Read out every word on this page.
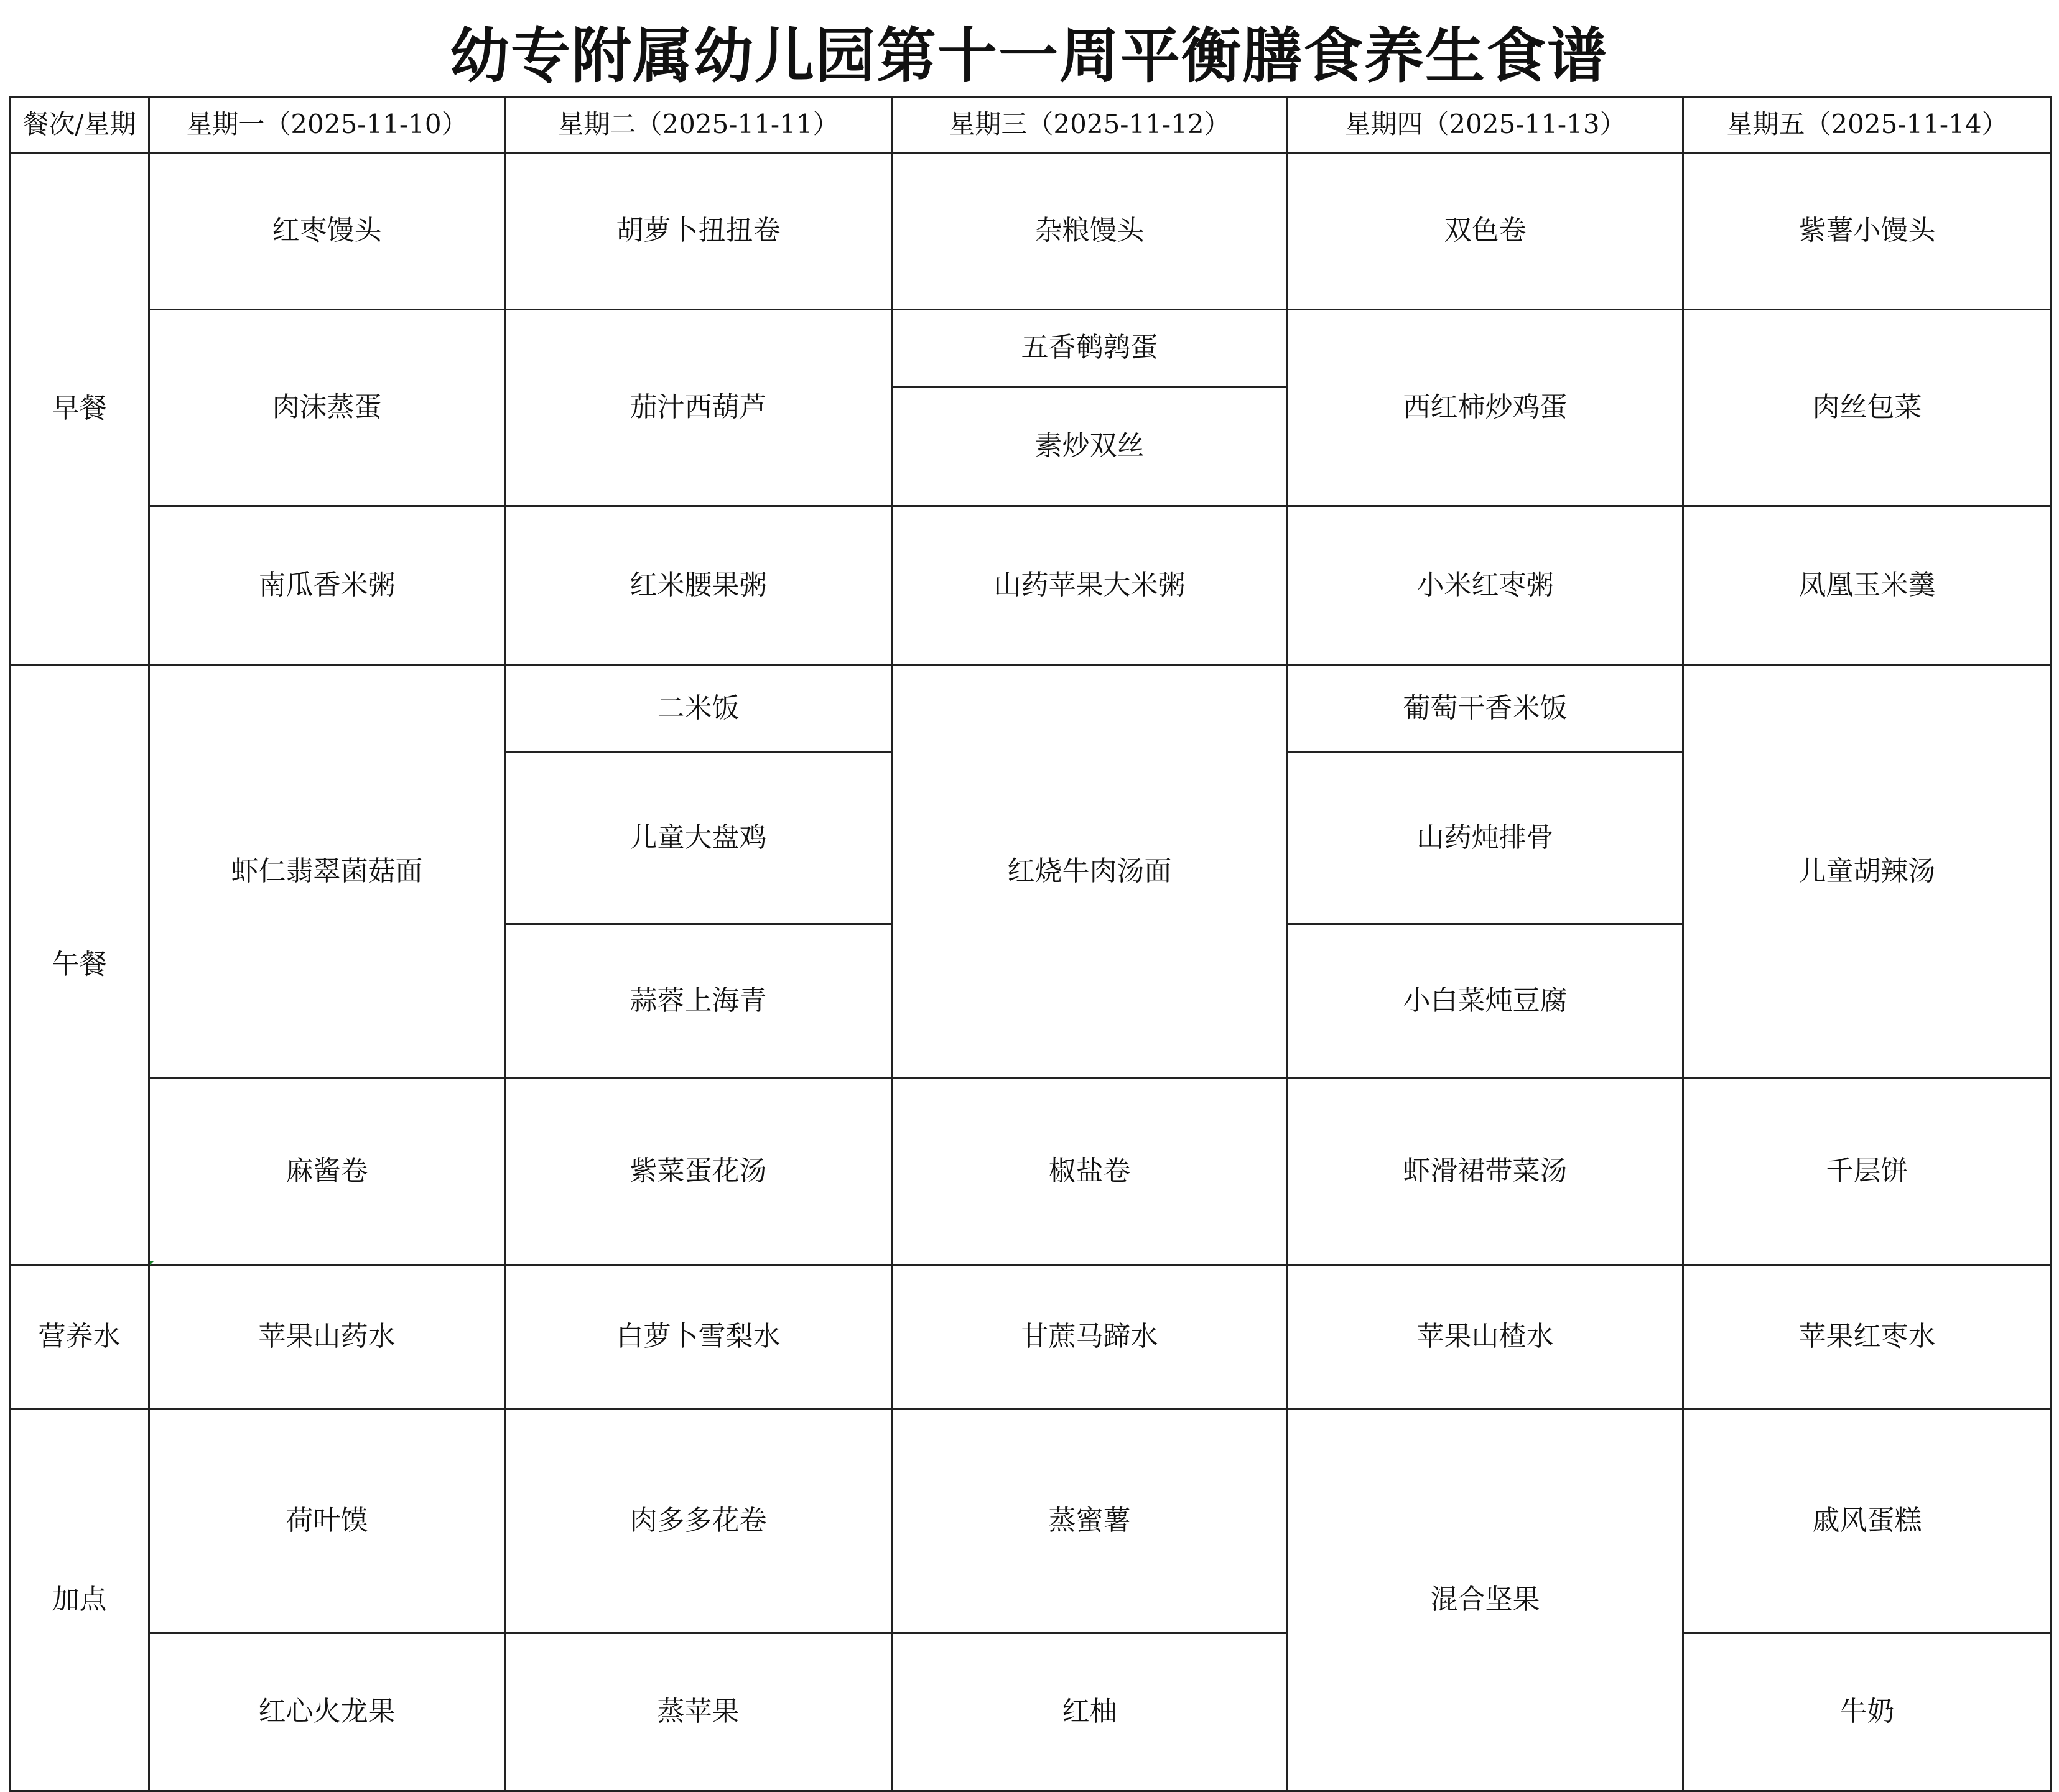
幼专附属幼儿园第十一周平衡膳食养生食谱
餐次/星期	星期一（2025-11-10）	星期二（2025-11-11）	星期三（2025-11-12）	星期四（2025-11-13）	星期五（2025-11-14）
早餐	红枣馒头	胡萝卜扭扭卷	杂粮馒头	双色卷	紫薯小馒头
	肉沫蒸蛋	茄汁西葫芦	五香鹌鹑蛋	西红柿炒鸡蛋	肉丝包菜
			素炒双丝		
	南瓜香米粥	红米腰果粥	山药苹果大米粥	小米红枣粥	凤凰玉米羹
午餐	虾仁翡翠菌菇面	二米饭	红烧牛肉汤面	葡萄干香米饭	儿童胡辣汤
		儿童大盘鸡		山药炖排骨	
		蒜蓉上海青		小白菜炖豆腐	
	麻酱卷	紫菜蛋花汤	椒盐卷	虾滑裙带菜汤	千层饼
营养水	苹果山药水	白萝卜雪梨水	甘蔗马蹄水	苹果山楂水	苹果红枣水
加点	荷叶馍	肉多多花卷	蒸蜜薯	混合坚果	戚风蛋糕
	红心火龙果	蒸苹果	红柚		牛奶
